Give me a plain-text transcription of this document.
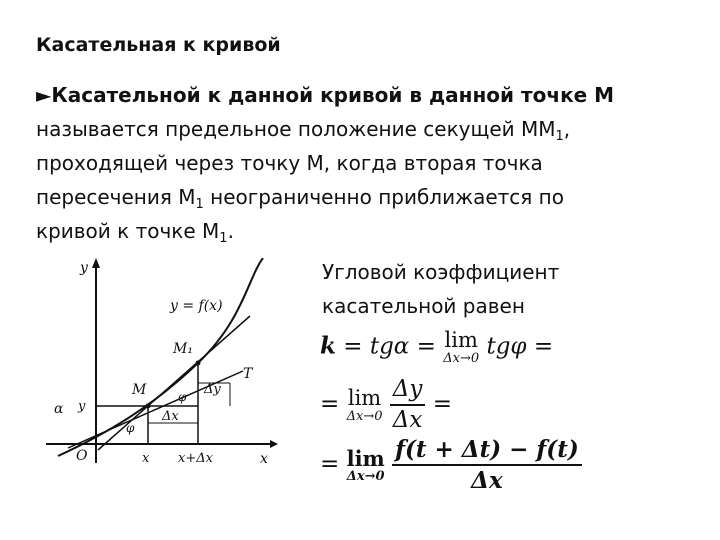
Касательная к кривой
►Касательной к данной кривой в данной точке М
называется предельное положение секущей $ММ_1$,
проходящей через точку М, когда вторая точка
пересечения $М_1$ неограниченно приближается по
кривой к точке $М_1$.
Угловой коэффициент
касательной равен
k = tgα = lim
Δx→0 tgφ =
= lim
Δx→0
$\frac{\Delta y}{\Delta x}$ =
= lim
Δx→0
$\frac{f(t + \Delta t) - f(t)}{\Delta x}$
y
x
y = f(x)
M₁
M
T
Δy
Δx
φ
φ
α
O
y
x x+Δx
